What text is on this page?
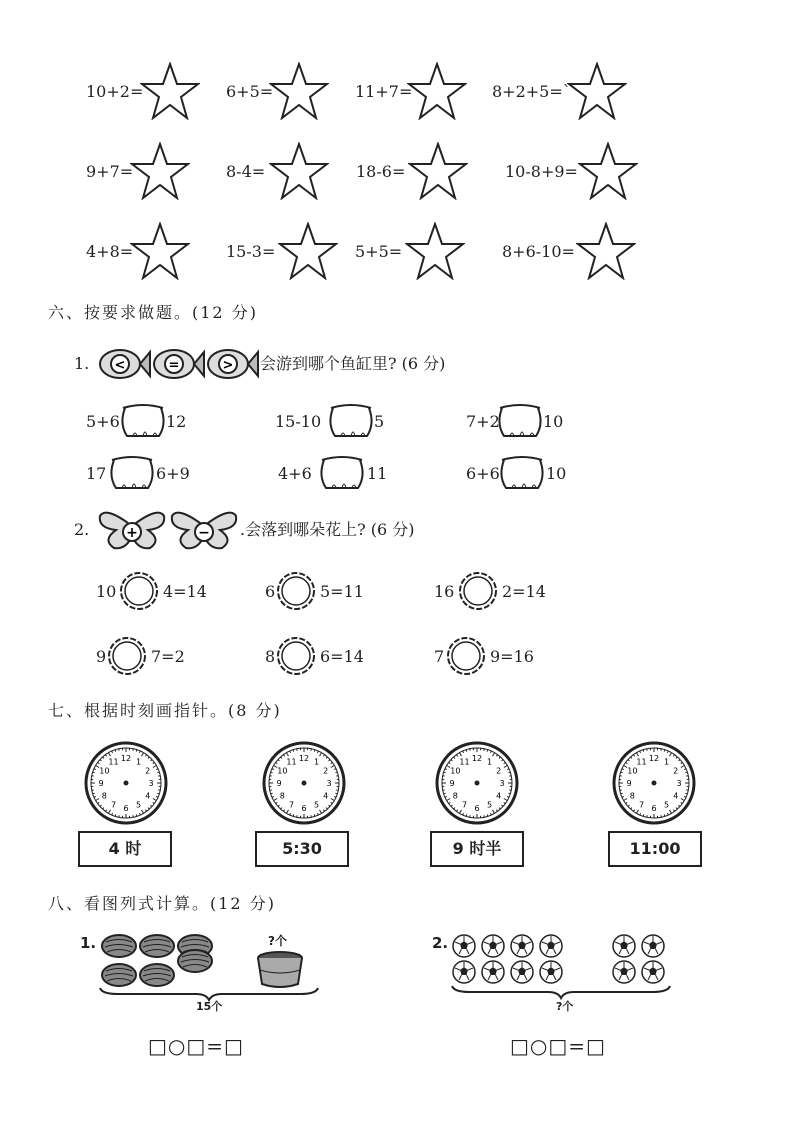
10+2=	6+5=	11+7=	8+2+5=`
9+7=	8-4=	18-6=	10-8+9=
4+8=	15-3=	5+5=	8+6-10=
六、按要求做题。(12 分)
1. <	=	> 会游到哪个鱼缸里? (6 分)
5+6	12	15-10	5	7+2	10
17	6+9	4+6	11	6+6	10
2.	+	− .会落到哪朵花上? (6 分)
10	4=14	6	5=11	16	2=14
9	7=2	8	6=14	7	9=16
七、根据时刻画指针。(8 分)
12 1
2
3
4
5
6
7
8
9
10
11	12 1
2
3
4
5
6
7
8
9
10
11	12 1
2
3
4
5
6
7
8
9
10
11	12 1
2
3
4
5
6
7
8
9
10
11
4 时	5:30	9 时半	11:00
八、看图列式计算。(12 分)
1.	?个
15个
□○□=□
2.
?个
□○□=□
